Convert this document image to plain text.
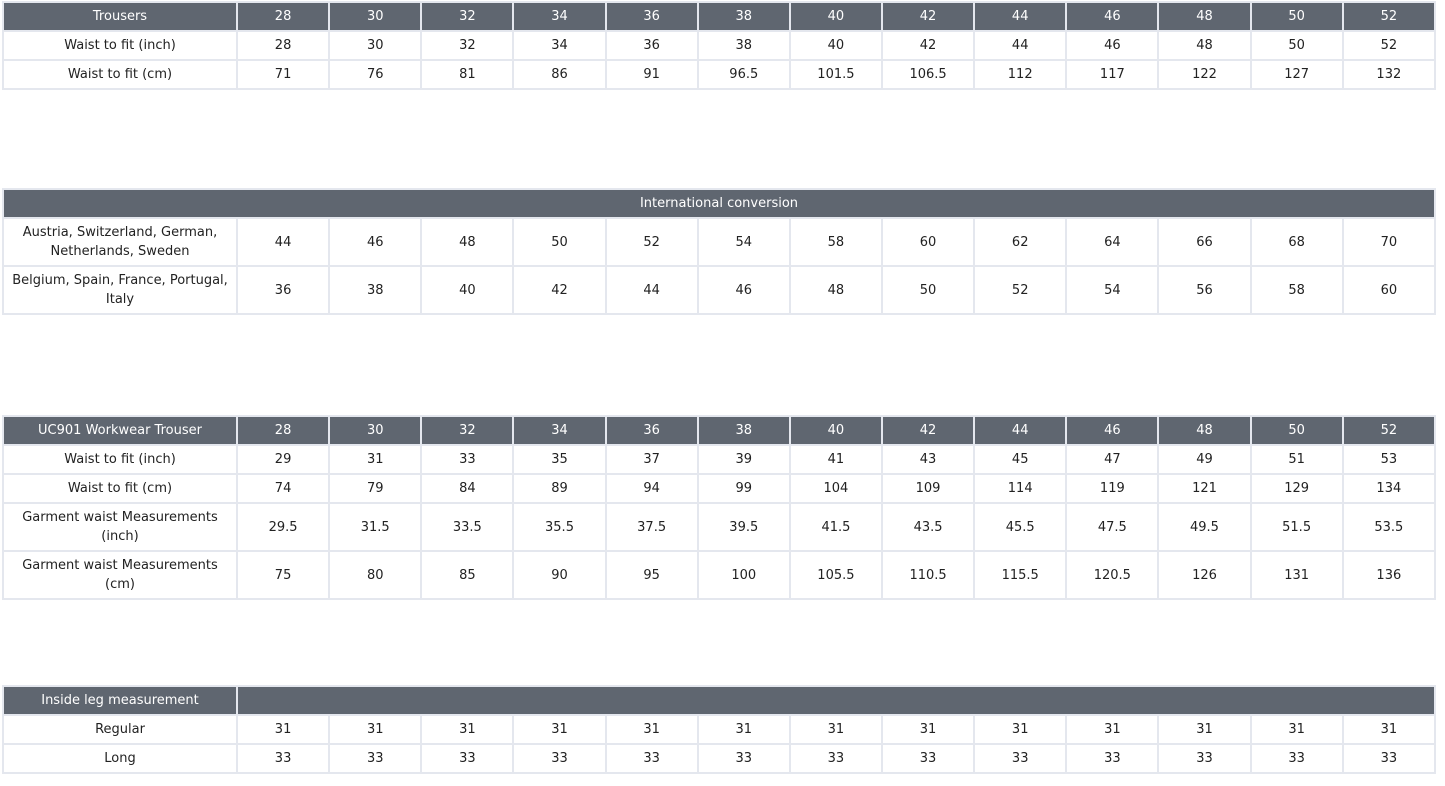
Trousers	28	30	32	34	36	38	40	42	44	46	48	50	52
Waist to fit (inch)	28	30	32	34	36	38	40	42	44	46	48	50	52
Waist to fit (cm)	71	76	81	86	91	96.5	101.5	106.5	112	117	122	127	132
International conversion													
Austria, Switzerland, German, Netherlands, Sweden	44	46	48	50	52	54	58	60	62	64	66	68	70
Belgium, Spain, France, Portugal, Italy	36	38	40	42	44	46	48	50	52	54	56	58	60
UC901 Workwear Trouser	28	30	32	34	36	38	40	42	44	46	48	50	52
Waist to fit (inch)	29	31	33	35	37	39	41	43	45	47	49	51	53
Waist to fit (cm)	74	79	84	89	94	99	104	109	114	119	121	129	134
Garment waist Measurements (inch)	29.5	31.5	33.5	35.5	37.5	39.5	41.5	43.5	45.5	47.5	49.5	51.5	53.5
Garment waist Measurements (cm)	75	80	85	90	95	100	105.5	110.5	115.5	120.5	126	131	136
Inside leg measurement													
Regular	31	31	31	31	31	31	31	31	31	31	31	31	31
Long	33	33	33	33	33	33	33	33	33	33	33	33	33
